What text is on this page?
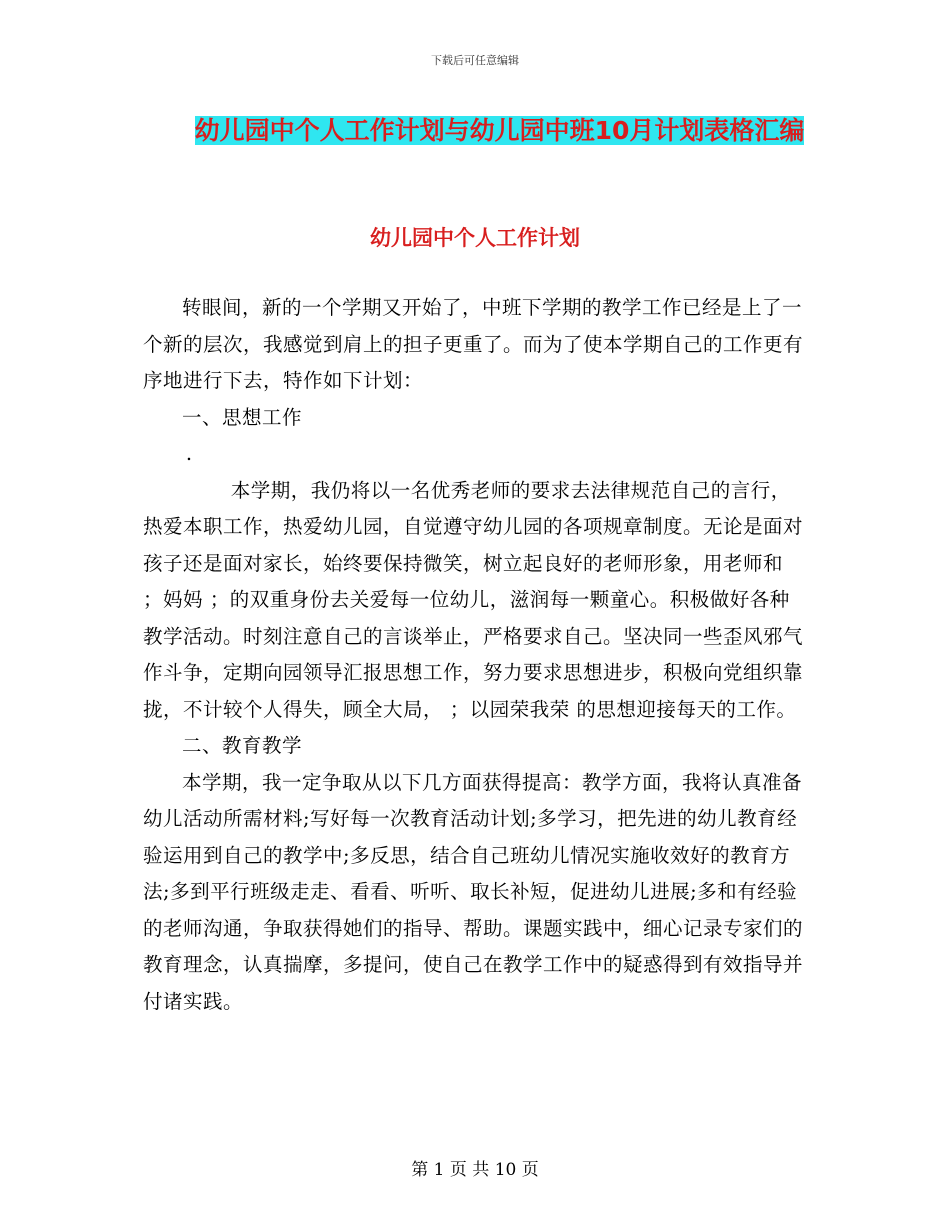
下载后可任意编辑
幼儿园中个人工作计划与幼儿园中班10月计划表格汇编
幼儿园中个人工作计划

转眼间，新的一个学期又开始了，中班下学期的教学工作已经是上了一个新的层次，我感觉到肩上的担子更重了。而为了使本学期自己的工作更有序地进行下去，特作如下计划：

一、思想工作

.

本学期，我仍将以一名优秀老师的要求去法律规范自己的言行，热爱本职工作，热爱幼儿园，自觉遵守幼儿园的各项规章制度。无论是面对孩子还是面对家长，始终要保持微笑，树立起良好的老师形象，用老师和 ；妈妈 ；的双重身份去关爱每一位幼儿，滋润每一颗童心。积极做好各种教学活动。时刻注意自己的言谈举止，严格要求自己。坚决同一些歪风邪气作斗争，定期向园领导汇报思想工作，努力要求思想进步，积极向党组织靠拢，不计较个人得失，顾全大局， ；以园荣我荣 的思想迎接每天的工作。

二、教育教学

本学期，我一定争取从以下几方面获得提高：教学方面，我将认真准备幼儿活动所需材料;写好每一次教育活动计划;多学习，把先进的幼儿教育经验运用到自己的教学中;多反思，结合自己班幼儿情况实施收效好的教育方法;多到平行班级走走、看看、听听、取长补短，促进幼儿进展;多和有经验的老师沟通，争取获得她们的指导、帮助。课题实践中，细心记录专家们的教育理念，认真揣摩，多提问，使自己在教学工作中的疑惑得到有效指导并付诸实践。

第 1 页 共 10 页
